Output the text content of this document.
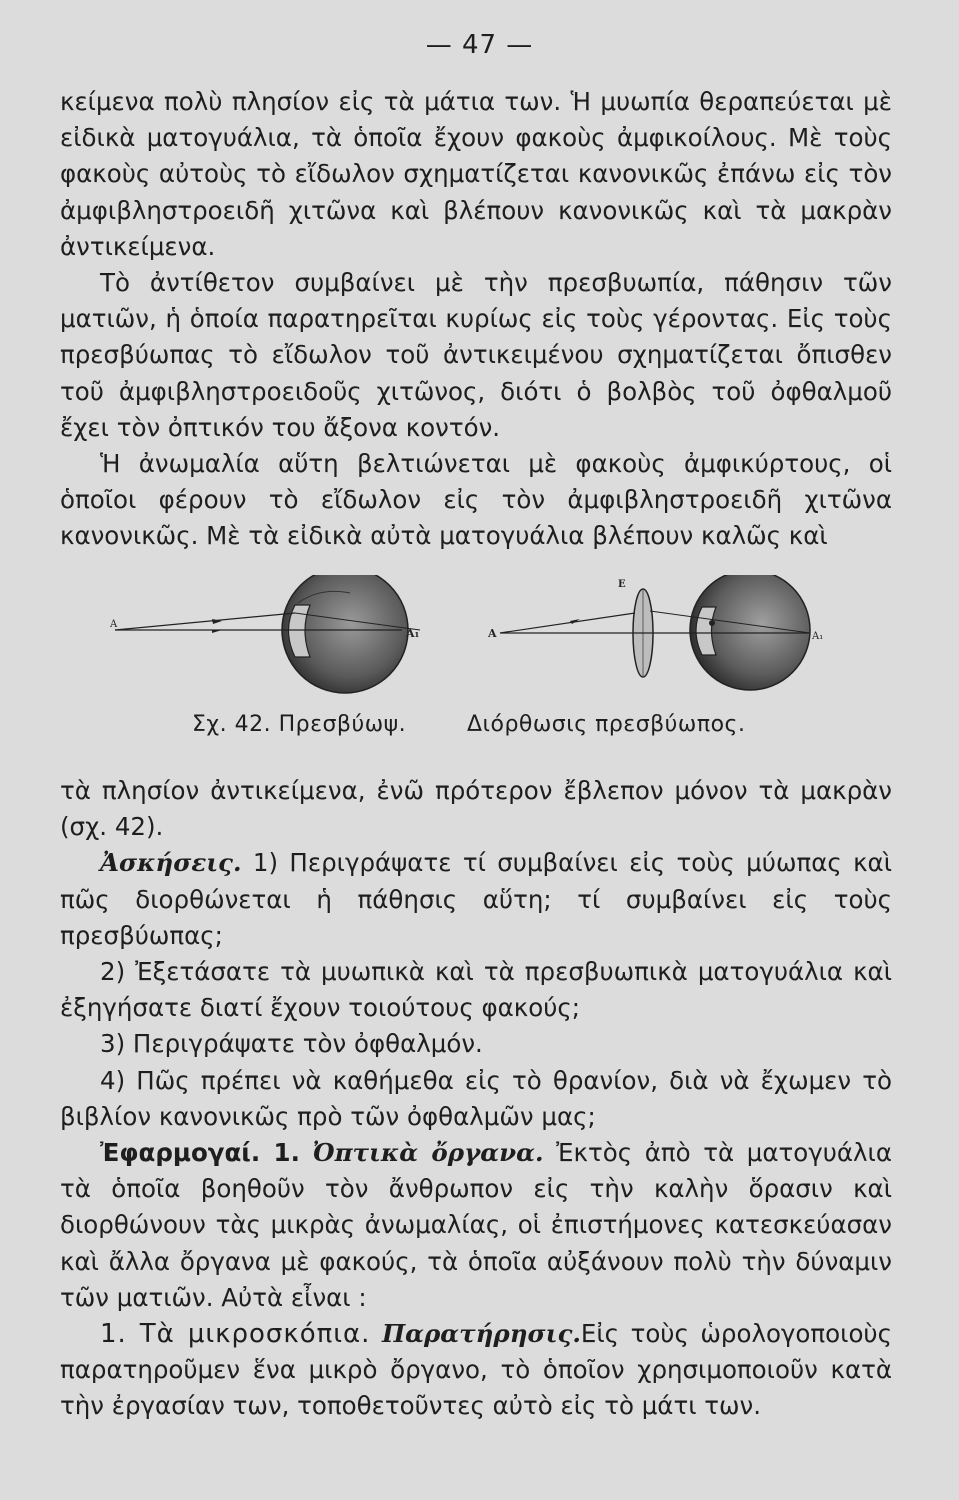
— 47 —

κείμενα πολὺ πλησίον εἰς τὰ μάτια των. Ἡ μυωπία θεραπεύεται μὲ εἰδικὰ ματογυάλια, τὰ ὁποῖα ἔχουν φακοὺς ἀμφικοίλους. Μὲ τοὺς φακοὺς αὐτοὺς τὸ εἴδωλον σχηματίζεται κανονικῶς ἐπάνω εἰς τὸν ἀμφιβληστροειδῆ χιτῶνα καὶ βλέπουν κανονικῶς καὶ τὰ μακρὰν ἀντικείμενα.

Τὸ ἀντίθετον συμβαίνει μὲ τὴν πρεσβυωπία, πάθησιν τῶν ματιῶν, ἡ ὁποία παρατηρεῖται κυρίως εἰς τοὺς γέροντας. Εἰς τοὺς πρεσβύωπας τὸ εἴδωλον τοῦ ἀντικειμένου σχηματίζεται ὄπισθεν τοῦ ἀμφιβληστροειδοῦς χιτῶνος, διότι ὁ βολβὸς τοῦ ὀφθαλμοῦ ἔχει τὸν ὀπτικόν του ἄξονα κοντόν.

Ἡ ἀνωμαλία αὕτη βελτιώνεται μὲ φακοὺς ἀμφικύρτους, οἱ ὁποῖοι φέρουν τὸ εἴδωλον εἰς τὸν ἀμφιβληστροειδῆ χιτῶνα κανονικῶς. Μὲ τὰ εἰδικὰ αὐτὰ ματογυάλια βλέπουν καλῶς καὶ

A
A₁	A
Ε
A₁
Σχ. 42. Πρεσβύωψ.	Διόρθωσις πρεσβύωπος.

τὰ πλησίον ἀντικείμενα, ἐνῶ πρότερον ἔβλεπον μόνον τὰ μακρὰν (σχ. 42).

Ἀσκήσεις. 1) Περιγράψατε τί συμβαίνει εἰς τοὺς μύωπας καὶ πῶς διορθώνεται ἡ πάθησις αὕτη; τί συμβαίνει εἰς τοὺς πρεσβύωπας;

2) Ἐξετάσατε τὰ μυωπικὰ καὶ τὰ πρεσβυωπικὰ ματογυάλια καὶ ἐξηγήσατε διατί ἔχουν τοιούτους φακούς;

3) Περιγράψατε τὸν ὀφθαλμόν.

4) Πῶς πρέπει νὰ καθήμεθα εἰς τὸ θρανίον, διὰ νὰ ἔχωμεν τὸ βιβλίον κανονικῶς πρὸ τῶν ὀφθαλμῶν μας;

Ἐφαρμογαί. 1. Ὀπτικὰ ὄργανα. Ἐκτὸς ἀπὸ τὰ ματογυάλια τὰ ὁποῖα βοηθοῦν τὸν ἄνθρωπον εἰς τὴν καλὴν ὅρασιν καὶ διορθώνουν τὰς μικρὰς ἀνωμαλίας, οἱ ἐπιστήμονες κατεσκεύασαν καὶ ἄλλα ὄργανα μὲ φακούς, τὰ ὁποῖα αὐξάνουν πολὺ τὴν δύναμιν τῶν ματιῶν. Αὐτὰ εἶναι :

1. Τὰ μικροσκόπια. Παρατήρησις.Εἰς τοὺς ὡρολογοποιοὺς παρατηροῦμεν ἕνα μικρὸ ὄργανο, τὸ ὁποῖον χρησιμοποιοῦν κατὰ τὴν ἐργασίαν των, τοποθετοῦντες αὐτὸ εἰς τὸ μάτι των.
